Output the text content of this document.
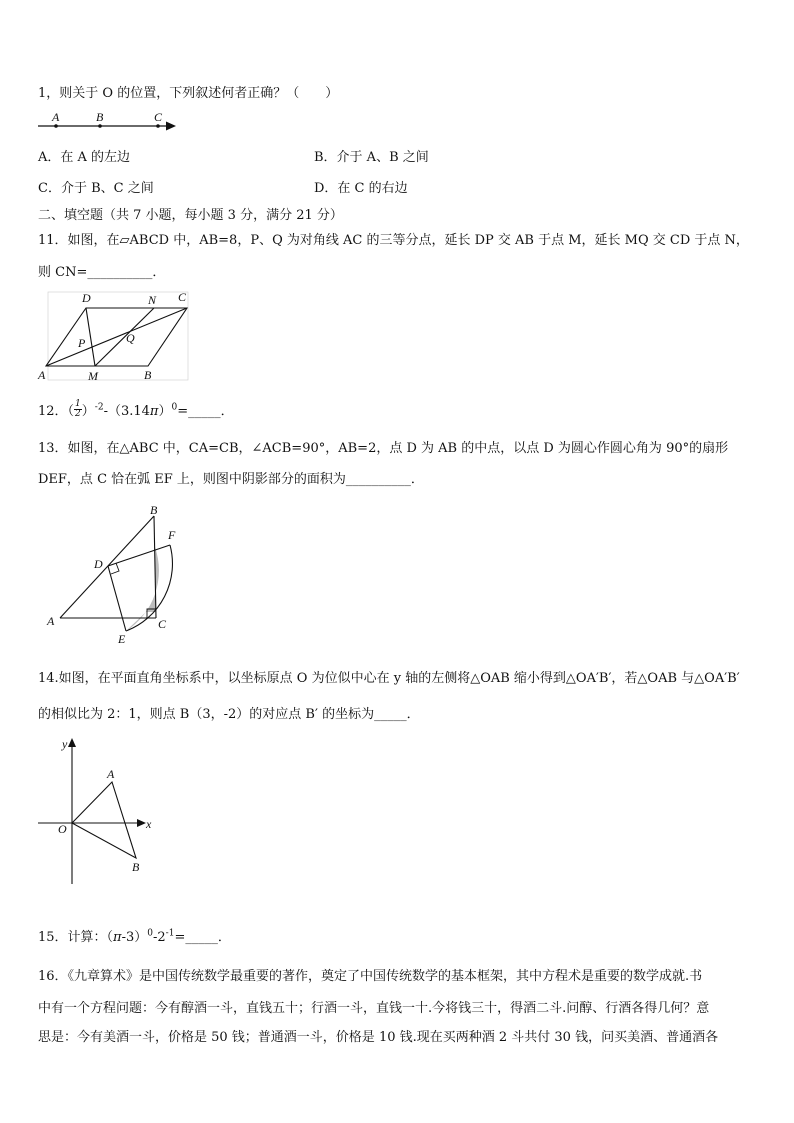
1，则关于 O 的位置，下列叙述何者正确？（　　）
A	B	C
A．在 A 的左边	B．介于 A、B 之间
C．介于 B、C 之间	D．在 C 的右边
二、填空题（共 7 小题，每小题 3 分，满分 21 分）
11．如图，在▱ABCD 中，AB=8，P、Q 为对角线 AC 的三等分点，延长 DP 交 AB 于点 M，延长 MQ 交 CD 于点 N，
则 CN=__________．
D	N C
P	Q
A	M	B
12．（ $\frac{1}{2}$ ）$^{-2}-(3.14\pi)^0=\_\_\_\_\_$．
13．如图，在△ABC 中，CA=CB，∠ACB=90°，AB=2，点 D 为 AB 的中点，以点 D 为圆心作圆心角为 90°的扇形
DEF，点 C 恰在弧 EF 上，则图中阴影部分的面积为__________．
B
F
D
A
E
C
14.如图，在平面直角坐标系中，以坐标原点 O 为位似中心在 y 轴的左侧将△OAB 缩小得到△OA′B′，若△OAB 与△OA′B′
的相似比为 2：1，则点 B（3，-2）的对应点 B′ 的坐标为_____．
y
A
O	x
B
15．计算：$(\pi-3)^0-2^{-1}=\_\_\_\_\_$．
16．《九章算术》是中国传统数学最重要的著作，奠定了中国传统数学的基本框架，其中方程术是重要的数学成就.书
中有一个方程问题：今有醇酒一斗，直钱五十；行酒一斗，直钱一十.今将钱三十，得酒二斗.问醇、行酒各得几何？意
思是：今有美酒一斗，价格是 50 钱；普通酒一斗，价格是 10 钱.现在买两种酒 2 斗共付 30 钱，问买美酒、普通酒各
